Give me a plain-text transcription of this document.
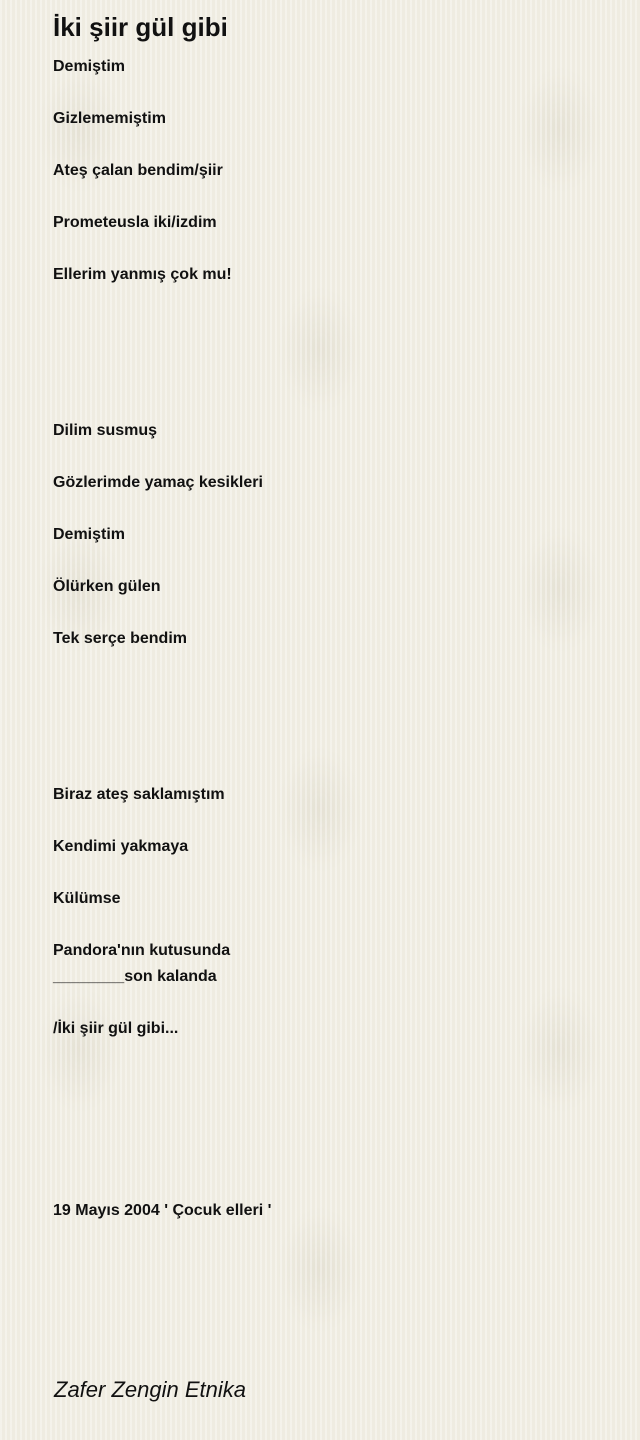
İki şiir gül gibi
Demiştim
Gizlememiştim
Ateş çalan bendim/şiir
Prometeusla iki/izdim
Ellerim yanmış çok mu!
Dilim susmuş
Gözlerimde yamaç kesikleri
Demiştim
Ölürken gülen
Tek serçe bendim
Biraz ateş saklamıştım
Kendimi yakmaya
Külümse
Pandora'nın kutusunda
________son kalanda
/İki şiir gül gibi...
19 Mayıs 2004 ' Çocuk elleri '
Zafer Zengin Etnika
